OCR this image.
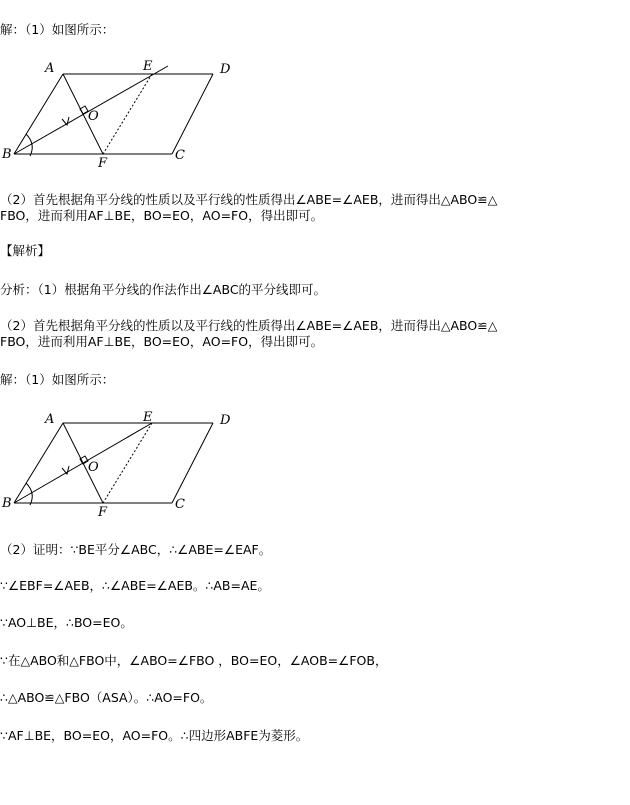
解：（1）如图所示：
A	E	D
O
B
F
C
（2）首先根据角平分线的性质以及平行线的性质得出∠ABE=∠AEB，进而得出△ABO≌△
FBO，进而利用AF⊥BE，BO=EO，AO=FO，得出即可。
【解析】
分析：（1）根据角平分线的作法作出∠ABC的平分线即可。
（2）首先根据角平分线的性质以及平行线的性质得出∠ABE=∠AEB，进而得出△ABO≌△
FBO，进而利用AF⊥BE，BO=EO，AO=FO，得出即可。
解：（1）如图所示：
A	E	D
O
B
F
C
（2）证明：∵BE平分∠ABC，∴∠ABE=∠EAF。
∵∠EBF=∠AEB，∴∠ABE=∠AEB。∴AB=AE。
∵AO⊥BE，∴BO=EO。
∵在△ABO和△FBO中，∠ABO=∠FBO ，BO=EO，∠AOB=∠FOB，
∴△ABO≌△FBO（ASA）。∴AO=FO。
∵AF⊥BE，BO=EO，AO=FO。∴四边形ABFE为菱形。
